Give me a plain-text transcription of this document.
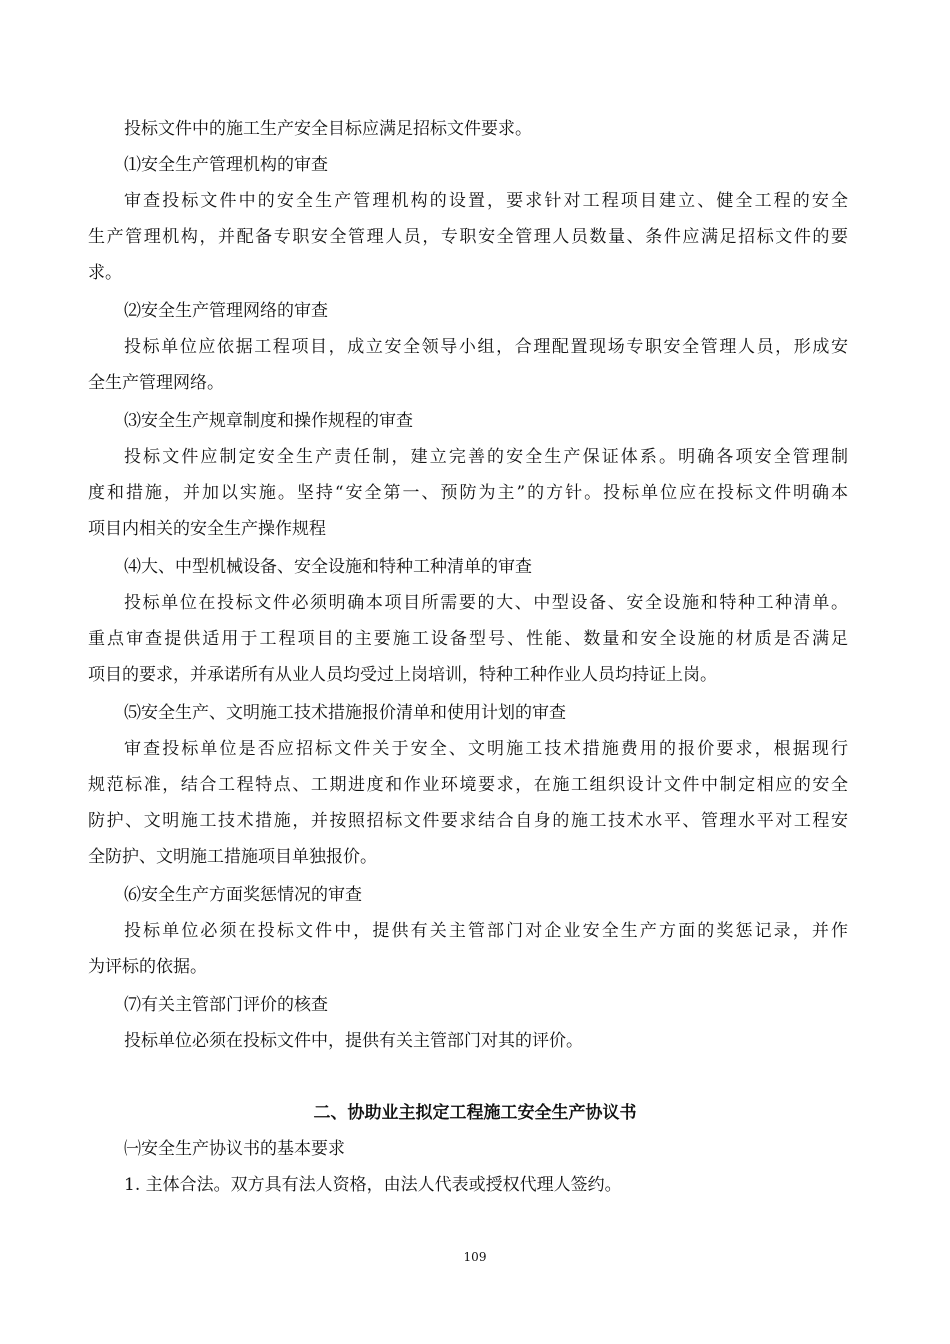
投标文件中的施工生产安全目标应满足招标文件要求。
⑴安全生产管理机构的审查
审查投标文件中的安全生产管理机构的设置，要求针对工程项目建立、健全工程的安全
生产管理机构，并配备专职安全管理人员，专职安全管理人员数量、条件应满足招标文件的要
求。
⑵安全生产管理网络的审查
投标单位应依据工程项目，成立安全领导小组，合理配置现场专职安全管理人员，形成安
全生产管理网络。
⑶安全生产规章制度和操作规程的审查
投标文件应制定安全生产责任制，建立完善的安全生产保证体系。明确各项安全管理制
度和措施，并加以实施。坚持“安全第一、预防为主”的方针。投标单位应在投标文件明确本
项目内相关的安全生产操作规程
⑷大、中型机械设备、安全设施和特种工种清单的审查
投标单位在投标文件必须明确本项目所需要的大、中型设备、安全设施和特种工种清单。
重点审查提供适用于工程项目的主要施工设备型号、性能、数量和安全设施的材质是否满足
项目的要求，并承诺所有从业人员均受过上岗培训，特种工种作业人员均持证上岗。
⑸安全生产、文明施工技术措施报价清单和使用计划的审查
审查投标单位是否应招标文件关于安全、文明施工技术措施费用的报价要求，根据现行
规范标准，结合工程特点、工期进度和作业环境要求，在施工组织设计文件中制定相应的安全
防护、文明施工技术措施，并按照招标文件要求结合自身的施工技术水平、管理水平对工程安
全防护、文明施工措施项目单独报价。
⑹安全生产方面奖惩情况的审查
投标单位必须在投标文件中，提供有关主管部门对企业安全生产方面的奖惩记录，并作
为评标的依据。
⑺有关主管部门评价的核查
投标单位必须在投标文件中，提供有关主管部门对其的评价。
二、协助业主拟定工程施工安全生产协议书
㈠安全生产协议书的基本要求
1. 主体合法。双方具有法人资格，由法人代表或授权代理人签约。
109
